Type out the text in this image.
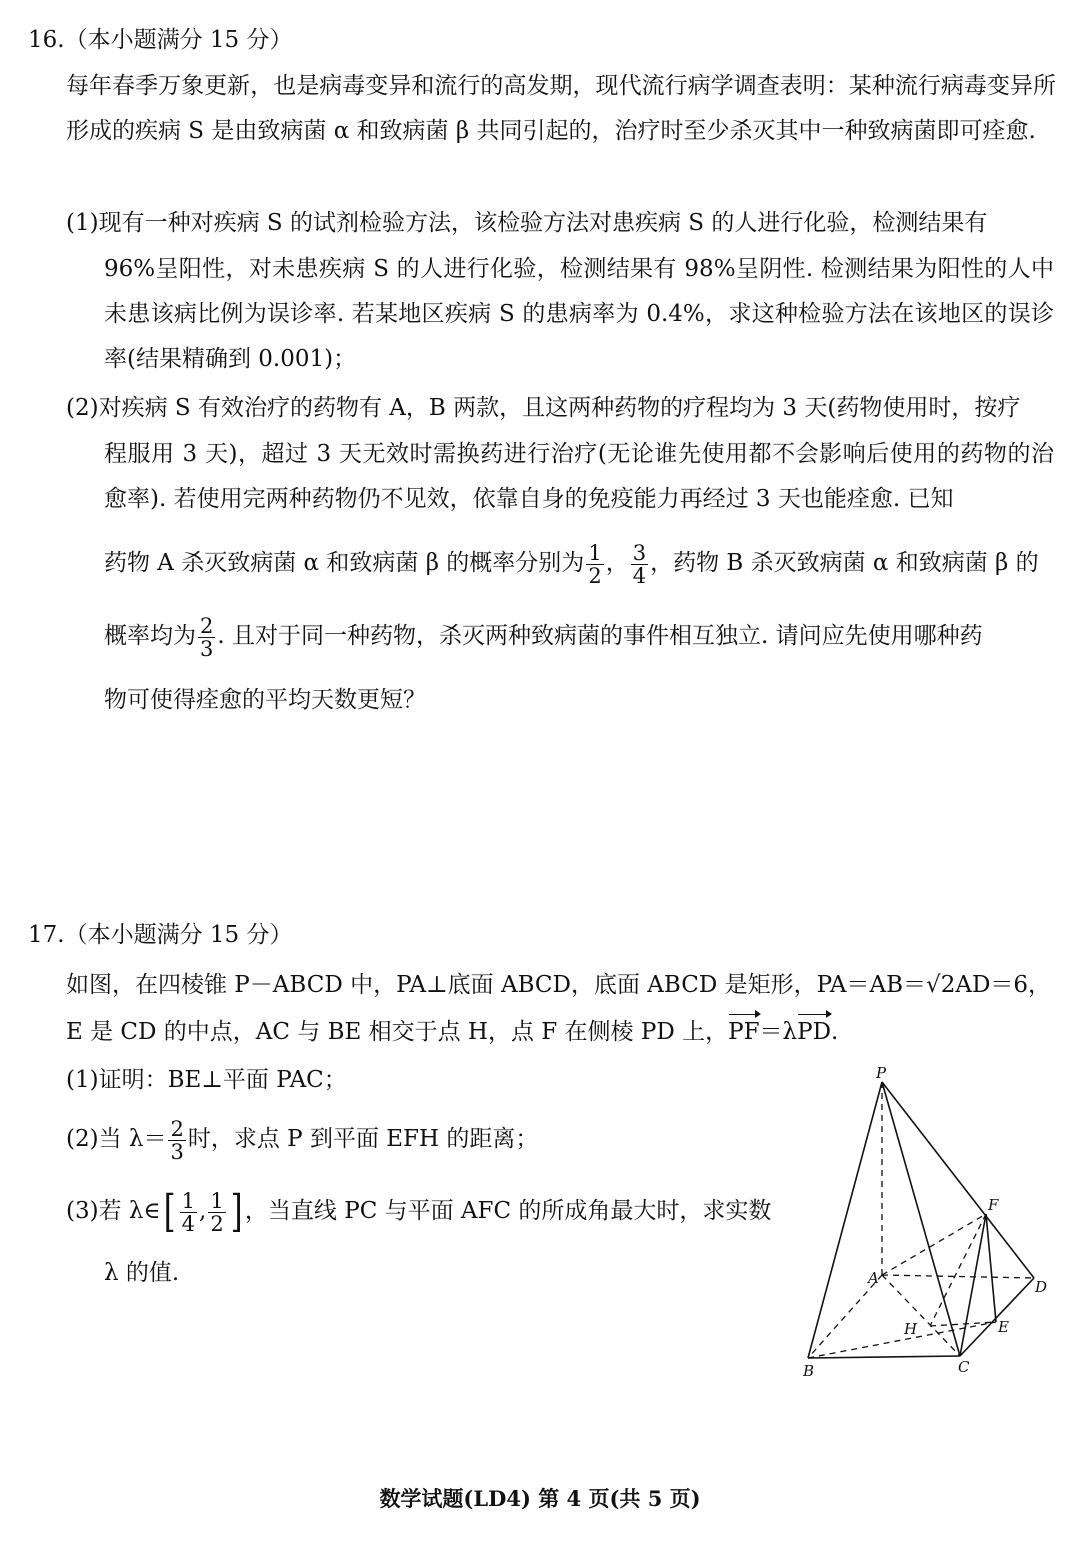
16.（本小题满分 15 分）
每年春季万象更新，也是病毒变异和流行的高发期，现代流行病学调查表明：某种流行病毒变异所形成的疾病 S 是由致病菌 α 和致病菌 β 共同引起的，治疗时至少杀灭其中一种致病菌即可痊愈.
(1)现有一种对疾病 S 的试剂检验方法，该检验方法对患疾病 S 的人进行化验，检测结果有
96%呈阳性，对未患疾病 S 的人进行化验，检测结果有 98%呈阴性. 检测结果为阳性的人中未患该病比例为误诊率. 若某地区疾病 S 的患病率为 0.4%，求这种检验方法在该地区的误诊率(结果精确到 0.001)；
(2)对疾病 S 有效治疗的药物有 A，B 两款，且这两种药物的疗程均为 3 天(药物使用时，按疗
程服用 3 天)，超过 3 天无效时需换药进行治疗(无论谁先使用都不会影响后使用的药物的治愈率). 若使用完两种药物仍不见效，依靠自身的免疫能力再经过 3 天也能痊愈. 已知
药物 A 杀灭致病菌 α 和致病菌 β 的概率分别为 $\frac{1}{2}$ ， $\frac{3}{4}$ ，药物 B 杀灭致病菌 α 和致病菌 β 的
概率均为 $\frac{2}{3}$ . 且对于同一种药物，杀灭两种致病菌的事件相互独立. 请问应先使用哪种药
物可使得痊愈的平均天数更短？
17.（本小题满分 15 分）
如图，在四棱锥 P－ABCD 中，PA⊥底面 ABCD，底面 ABCD 是矩形，PA＝AB＝√2AD＝6，
E 是 CD 的中点，AC 与 BE 相交于点 H，点 F 在侧棱 PD 上，PF＝λPD.
(1)证明：BE⊥平面 PAC；
(2)当 $\lambda= \frac{2}{3}$ 时，求点 P 到平面 EFH 的距离；
(3)若 λ∈[ $\frac{1}{4}$ , $\frac{1}{2}$ ] ，当直线 PC 与平面 AFC 的所成角最大时，求实数
λ 的值.
P
A
B	C
D
E
F
H
数学试题(LD4) 第 4 页(共 5 页)
